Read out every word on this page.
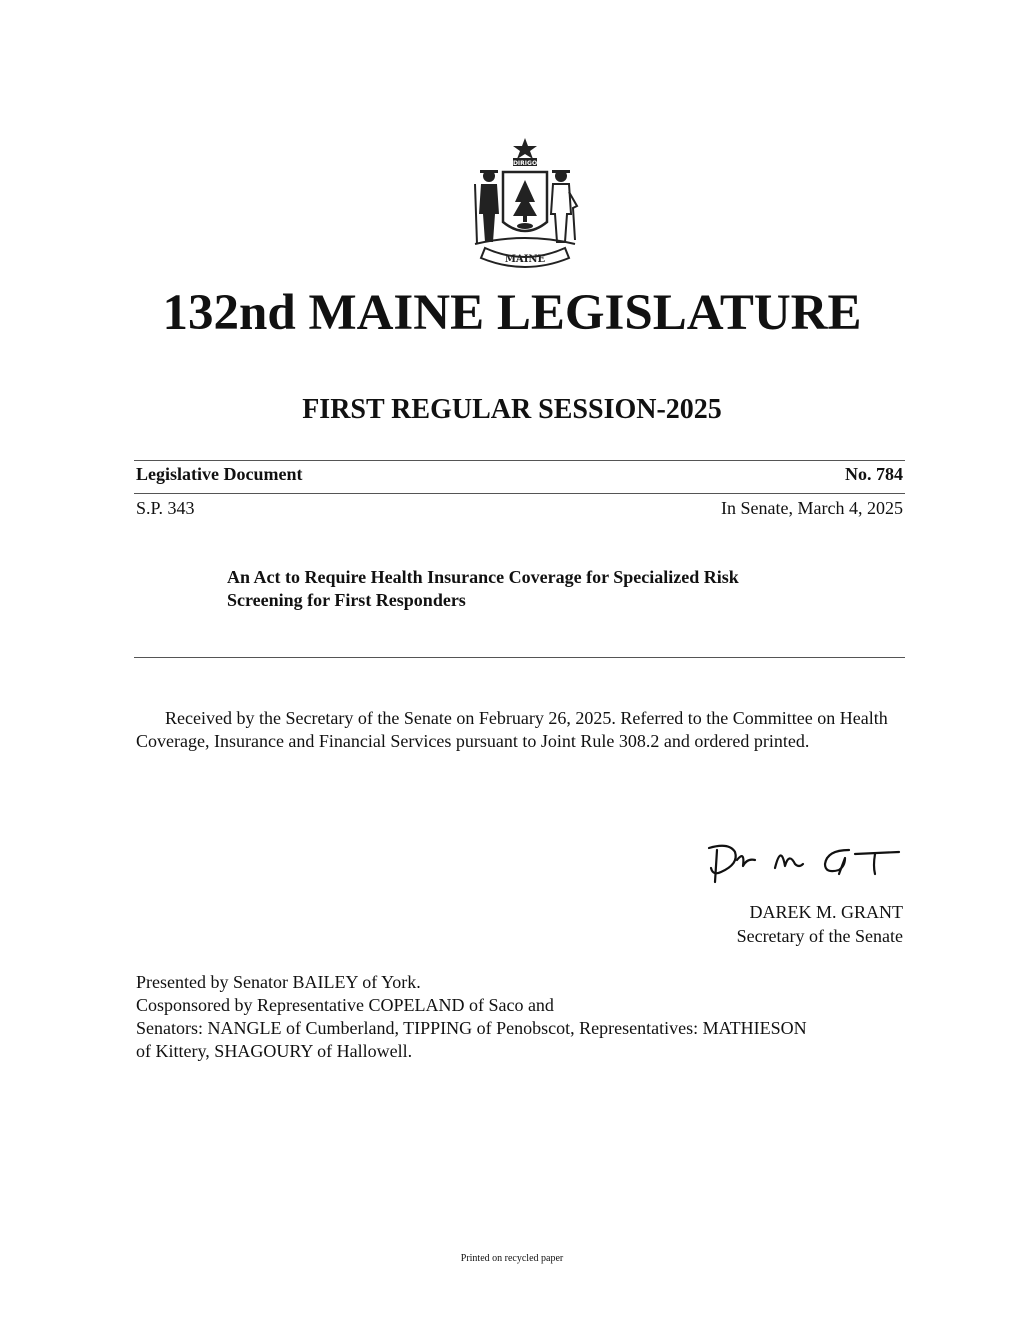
DIRIGO
MAINE
132nd MAINE LEGISLATURE
FIRST REGULAR SESSION-2025
Legislative Document	No. 784
S.P. 343	In Senate, March 4, 2025
An Act to Require Health Insurance Coverage for Specialized Risk
Screening for First Responders
Received by the Secretary of the Senate on February 26, 2025. Referred to the Committee on Health Coverage, Insurance and Financial Services pursuant to Joint Rule 308.2 and ordered printed.
DAREK M. GRANT
Secretary of the Senate
Presented by Senator BAILEY of York.
Cosponsored by Representative COPELAND of Saco and
Senators: NANGLE of Cumberland, TIPPING of Penobscot, Representatives: MATHIESON
of Kittery, SHAGOURY of Hallowell.
Printed on recycled paper
